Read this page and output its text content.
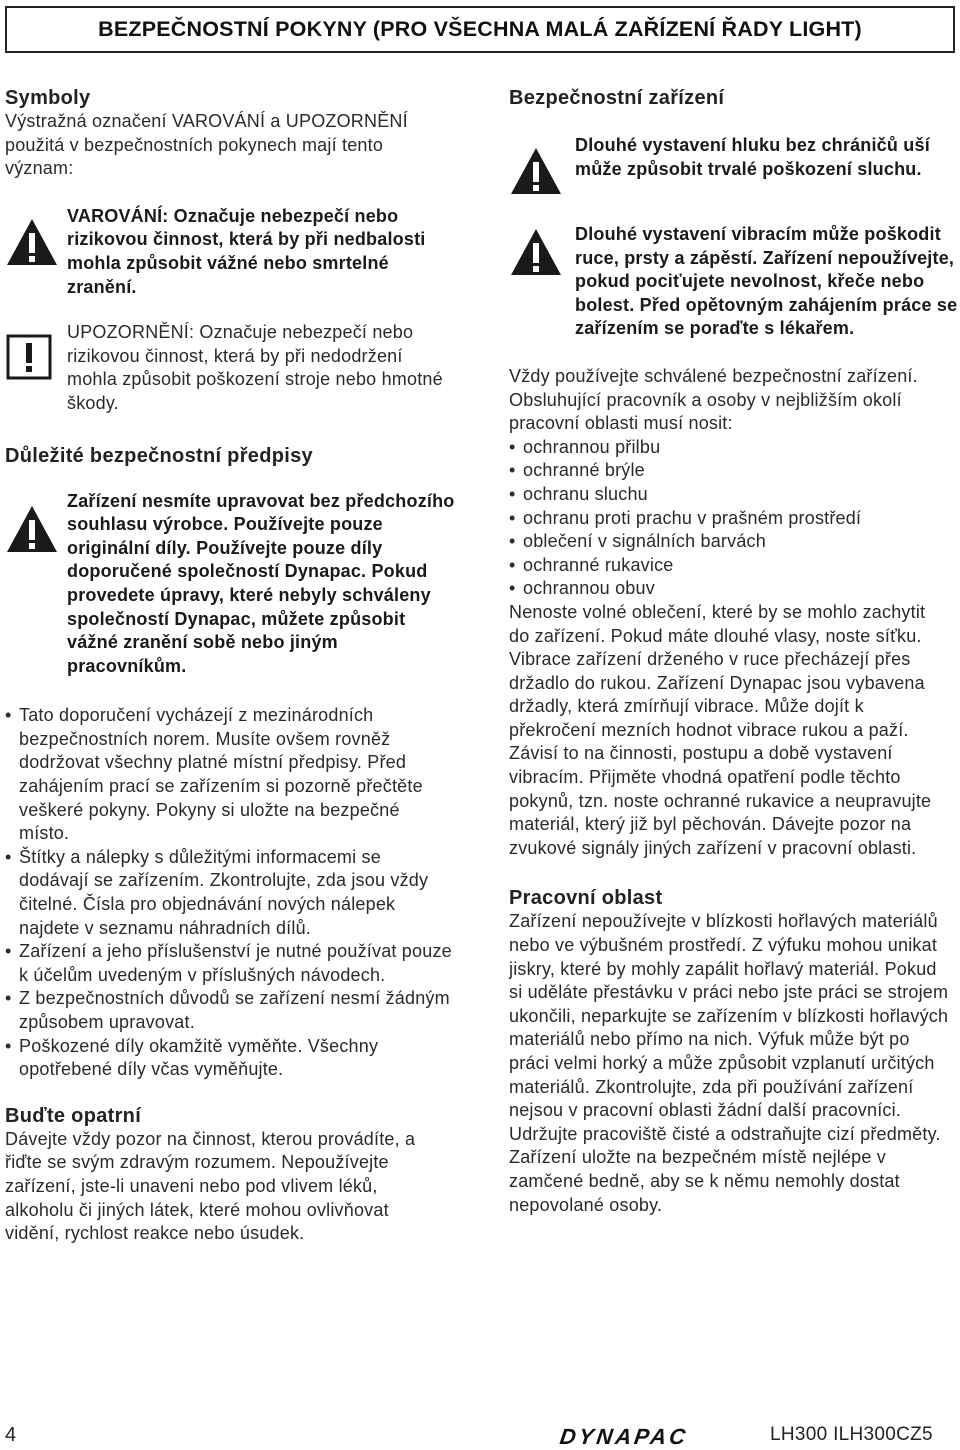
BEZPEČNOSTNÍ POKYNY (PRO VŠECHNA MALÁ ZAŘÍZENÍ ŘADY LIGHT)
Symboly
Výstražná označení VAROVÁNÍ a UPOZORNĚNÍ použitá v bezpečnostních pokynech mají tento význam:
VAROVÁNÍ: Označuje nebezpečí nebo rizikovou činnost, která by při nedbalosti mohla způsobit vážné nebo smrtelné zranění.
UPOZORNĚNÍ: Označuje nebezpečí nebo rizikovou činnost, která by při nedodržení mohla způsobit poškození stroje nebo hmotné škody.
Důležité bezpečnostní předpisy
Zařízení nesmíte upravovat bez předchozího souhlasu výrobce. Používejte pouze originální díly. Používejte pouze díly doporučené společností Dynapac. Pokud provedete úpravy, které nebyly schváleny společností Dynapac, můžete způsobit vážné zranění sobě nebo jiným pracovníkům.
• Tato doporučení vycházejí z mezinárodních bezpečnostních norem. Musíte ovšem rovněž dodržovat všechny platné místní předpisy. Před zahájením prací se zařízením si pozorně přečtěte veškeré pokyny. Pokyny si uložte na bezpečné místo.
• Štítky a nálepky s důležitými informacemi se dodávají se zařízením. Zkontrolujte, zda jsou vždy čitelné. Čísla pro objednávání nových nálepek najdete v seznamu náhradních dílů.
• Zařízení a jeho příslušenství je nutné používat pouze k účelům uvedeným v příslušných návodech.
• Z bezpečnostních důvodů se zařízení nesmí žádným způsobem upravovat.
• Poškozené díly okamžitě vyměňte. Všechny opotřebené díly včas vyměňujte.
Buďte opatrní
Dávejte vždy pozor na činnost, kterou provádíte, a řiďte se svým zdravým rozumem. Nepoužívejte zařízení, jste-li unaveni nebo pod vlivem léků, alkoholu či jiných látek, které mohou ovlivňovat vidění, rychlost reakce nebo úsudek.
Bezpečnostní zařízení
Dlouhé vystavení hluku bez chráničů uší může způsobit trvalé poškození sluchu.
Dlouhé vystavení vibracím může poškodit ruce, prsty a zápěstí. Zařízení nepoužívejte, pokud pociťujete nevolnost, křeče nebo bolest. Před opětovným zahájením práce se zařízením se poraďte s lékařem.
Vždy používejte schválené bezpečnostní zařízení. Obsluhující pracovník a osoby v nejbližším okolí pracovní oblasti musí nosit:
• ochrannou přilbu
• ochranné brýle
• ochranu sluchu
• ochranu proti prachu v prašném prostředí
• oblečení v signálních barvách
• ochranné rukavice
• ochrannou obuv
Nenoste volné oblečení, které by se mohlo zachytit do zařízení. Pokud máte dlouhé vlasy, noste síťku. Vibrace zařízení drženého v ruce přecházejí přes držadlo do rukou. Zařízení Dynapac jsou vybavena držadly, která zmírňují vibrace. Může dojít k překročení mezních hodnot vibrace rukou a paží. Závisí to na činnosti, postupu a době vystavení vibracím. Přijměte vhodná opatření podle těchto pokynů, tzn. noste ochranné rukavice a neupravujte materiál, který již byl pěchován. Dávejte pozor na zvukové signály jiných zařízení v pracovní oblasti.
Pracovní oblast
Zařízení nepoužívejte v blízkosti hořlavých materiálů nebo ve výbušném prostředí. Z výfuku mohou unikat jiskry, které by mohly zapálit hořlavý materiál. Pokud si uděláte přestávku v práci nebo jste práci se strojem ukončili, neparkujte se zařízením v blízkosti hořlavých materiálů nebo přímo na nich. Výfuk může být po práci velmi horký a může způsobit vzplanutí určitých materiálů. Zkontrolujte, zda při používání zařízení nejsou v pracovní oblasti žádní další pracovníci. Udržujte pracoviště čisté a odstraňujte cizí předměty. Zařízení uložte na bezpečném místě nejlépe v zamčené bedně, aby se k němu nemohly dostat nepovolané osoby.
4	DYNAPAC	LH300 ILH300CZ5
